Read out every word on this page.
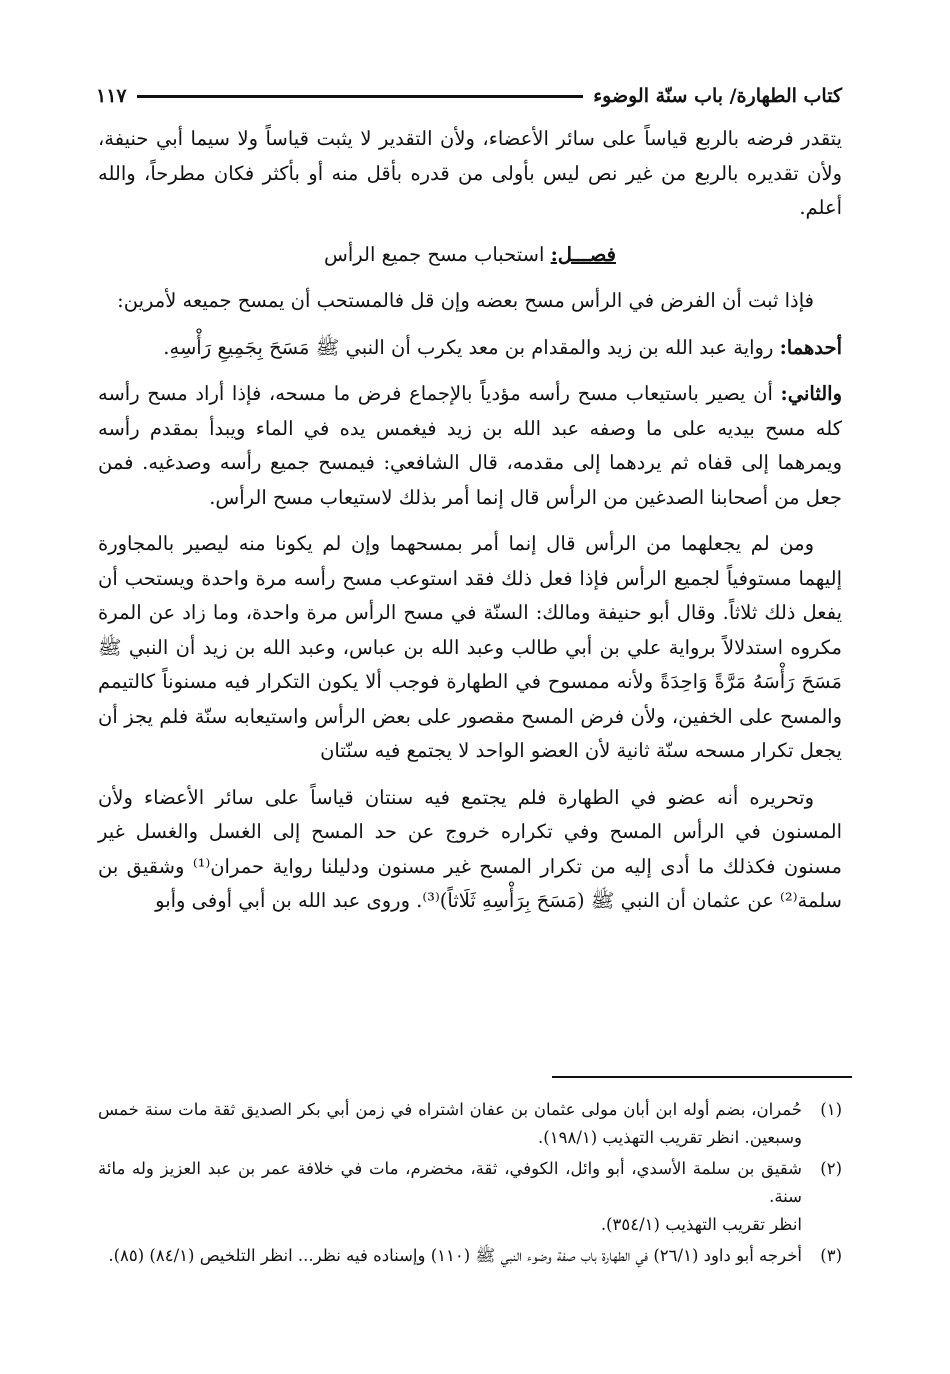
كتاب الطهارة/ باب سنّة الوضوء
١١٧

يتقدر فرضه بالربع قياساً على سائر الأعضاء، ولأن التقدير لا يثبت قياساً ولا سيما أبي حنيفة، ولأن تقديره بالربع من غير نص ليس بأولى من قدره بأقل منه أو بأكثر فكان مطرحاً، والله أعلم.

فصـــل: استحباب مسح جميع الرأس

فإذا ثبت أن الفرض في الرأس مسح بعضه وإن قل فالمستحب أن يمسح جميعه لأمرين:

أحدهما: رواية عبد الله بن زيد والمقدام بن معد يكرب أن النبي ﷺ مَسَحَ بِجَمِيعِ رَأْسِهِ.

والثاني: أن يصير باستيعاب مسح رأسه مؤدياً بالإجماع فرض ما مسحه، فإذا أراد مسح رأسه كله مسح بيديه على ما وصفه عبد الله بن زيد فيغمس يده في الماء ويبدأ بمقدم رأسه ويمرهما إلى قفاه ثم يردهما إلى مقدمه، قال الشافعي: فيمسح جميع رأسه وصدغيه. فمن جعل من أصحابنا الصدغين من الرأس قال إنما أمر بذلك لاستيعاب مسح الرأس.

ومن لم يجعلهما من الرأس قال إنما أمر بمسحهما وإن لم يكونا منه ليصير بالمجاورة إليهما مستوفياً لجميع الرأس فإذا فعل ذلك فقد استوعب مسح رأسه مرة واحدة ويستحب أن يفعل ذلك ثلاثاً. وقال أبو حنيفة ومالك: السنّة في مسح الرأس مرة واحدة، وما زاد عن المرة مكروه استدلالاً برواية علي بن أبي طالب وعبد الله بن عباس، وعبد الله بن زيد أن النبي ﷺ مَسَحَ رَأْسَهُ مَرَّةً وَاحِدَةً ولأنه ممسوح في الطهارة فوجب ألا يكون التكرار فيه مسنوناً كالتيمم والمسح على الخفين، ولأن فرض المسح مقصور على بعض الرأس واستيعابه سنّة فلم يجز أن يجعل تكرار مسحه سنّة ثانية لأن العضو الواحد لا يجتمع فيه سنّتان

وتحريره أنه عضو في الطهارة فلم يجتمع فيه سنتان قياساً على سائر الأعضاء ولأن المسنون في الرأس المسح وفي تكراره خروج عن حد المسح إلى الغسل والغسل غير مسنون فكذلك ما أدى إليه من تكرار المسح غير مسنون ودليلنا رواية حمران⁽¹⁾ وشقيق بن سلمة⁽²⁾ عن عثمان أن النبي ﷺ (مَسَحَ بِرَأْسِهِ ثَلَاثاً)⁽³⁾. وروى عبد الله بن أبي أوفى وأبو

(١)
حُمران، بضم أوله ابن أبان مولى عثمان بن عفان اشتراه في زمن أبي بكر الصديق ثقة مات سنة خمس وسبعين. انظر تقريب التهذيب (١٩٨/١).
(٢)
شقيق بن سلمة الأسدي، أبو وائل، الكوفي، ثقة، مخضرم، مات في خلافة عمر بن عبد العزيز وله مائة سنة.
انظر تقريب التهذيب (٣٥٤/١).
(٣)
أخرجه أبو داود (٢٦/١) في الطهارة باب صفة وضوء النبي ﷺ (١١٠) وإسناده فيه نظر... انظر التلخيص (٨٤/١) (٨٥).
